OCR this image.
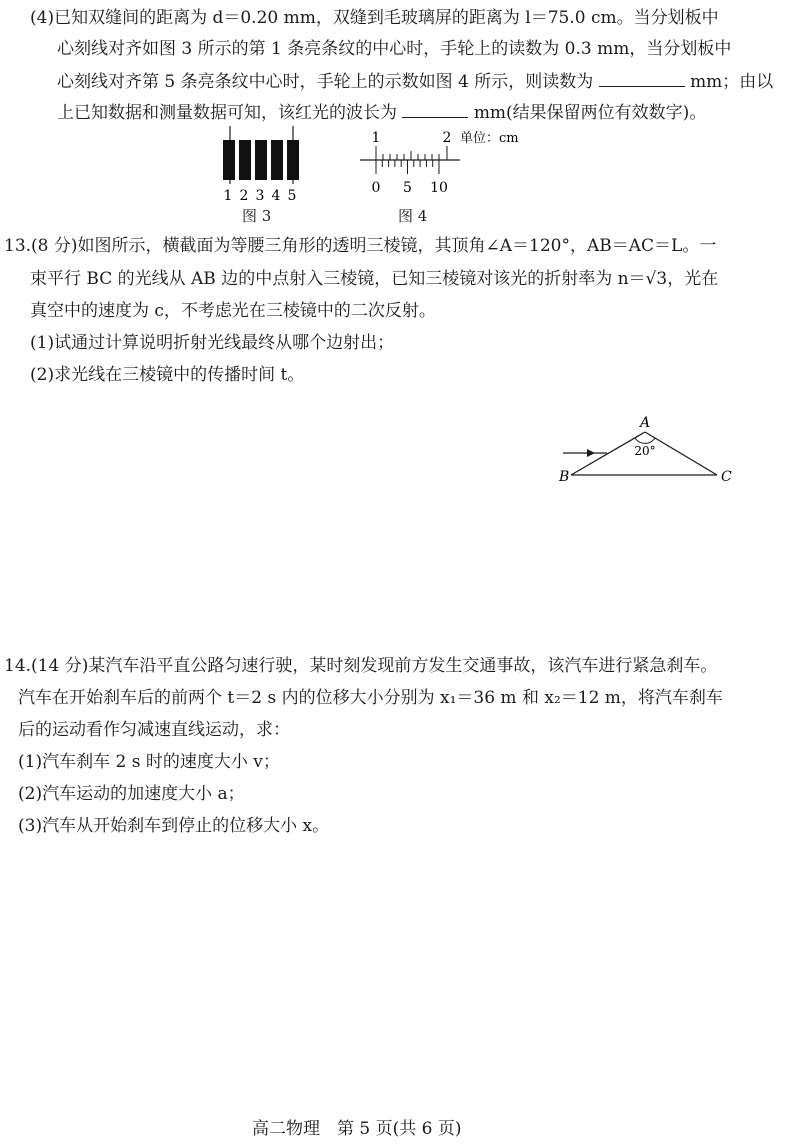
(4)已知双缝间的距离为 d＝0.20 mm，双缝到毛玻璃屏的距离为 l＝75.0 cm。当分划板中
心刻线对齐如图 3 所示的第 1 条亮条纹的中心时，手轮上的读数为 0.3 mm，当分划板中
心刻线对齐第 5 条亮条纹中心时，手轮上的示数如图 4 所示，则读数为	mm；由以
上已知数据和测量数据可知，该红光的波长为	mm(结果保留两位有效数字)。
1 2 3 4 5
图 3
1	2 单位：cm
0 5 10
图 4
13.(8 分)如图所示，横截面为等腰三角形的透明三棱镜，其顶角∠A＝120°，AB＝AC＝L。一
束平行 BC 的光线从 AB 边的中点射入三棱镜，已知三棱镜对该光的折射率为 n＝√3，光在
真空中的速度为 c，不考虑光在三棱镜中的二次反射。
(1)试通过计算说明折射光线最终从哪个边射出；
(2)求光线在三棱镜中的传播时间 t。
A
20°
B	C
14.(14 分)某汽车沿平直公路匀速行驶，某时刻发现前方发生交通事故，该汽车进行紧急刹车。
汽车在开始刹车后的前两个 t＝2 s 内的位移大小分别为 x₁＝36 m 和 x₂＝12 m，将汽车刹车
后的运动看作匀减速直线运动，求：
(1)汽车刹车 2 s 时的速度大小 v；
(2)汽车运动的加速度大小 a；
(3)汽车从开始刹车到停止的位移大小 x。
高二物理　第 5 页(共 6 页)
